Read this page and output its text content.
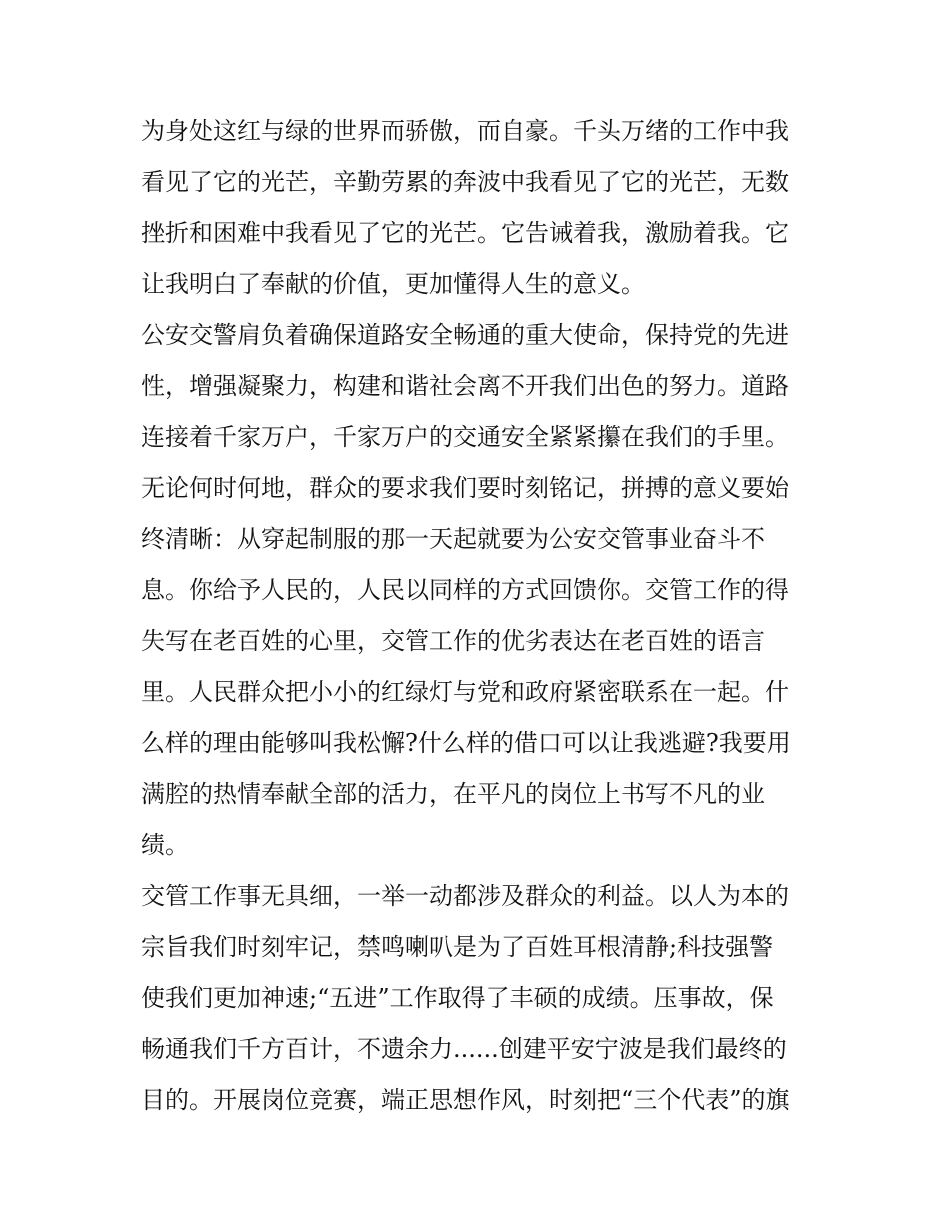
为身处这红与绿的世界而骄傲，而自豪。千头万绪的工作中我
看见了它的光芒，辛勤劳累的奔波中我看见了它的光芒，无数
挫折和困难中我看见了它的光芒。它告诫着我，激励着我。它
让我明白了奉献的价值，更加懂得人生的意义。
公安交警肩负着确保道路安全畅通的重大使命，保持党的先进
性，增强凝聚力，构建和谐社会离不开我们出色的努力。道路
连接着千家万户，千家万户的交通安全紧紧攥在我们的手里。
无论何时何地，群众的要求我们要时刻铭记，拼搏的意义要始
终清晰：从穿起制服的那一天起就要为公安交管事业奋斗不
息。你给予人民的，人民以同样的方式回馈你。交管工作的得
失写在老百姓的心里，交管工作的优劣表达在老百姓的语言
里。人民群众把小小的红绿灯与党和政府紧密联系在一起。什
么样的理由能够叫我松懈?什么样的借口可以让我逃避?我要用
满腔的热情奉献全部的活力，在平凡的岗位上书写不凡的业
绩。
交管工作事无具细，一举一动都涉及群众的利益。以人为本的
宗旨我们时刻牢记，禁鸣喇叭是为了百姓耳根清静;科技强警
使我们更加神速;“五进”工作取得了丰硕的成绩。压事故，保
畅通我们千方百计，不遗余力......创建平安宁波是我们最终的
目的。开展岗位竞赛，端正思想作风，时刻把“三个代表”的旗
